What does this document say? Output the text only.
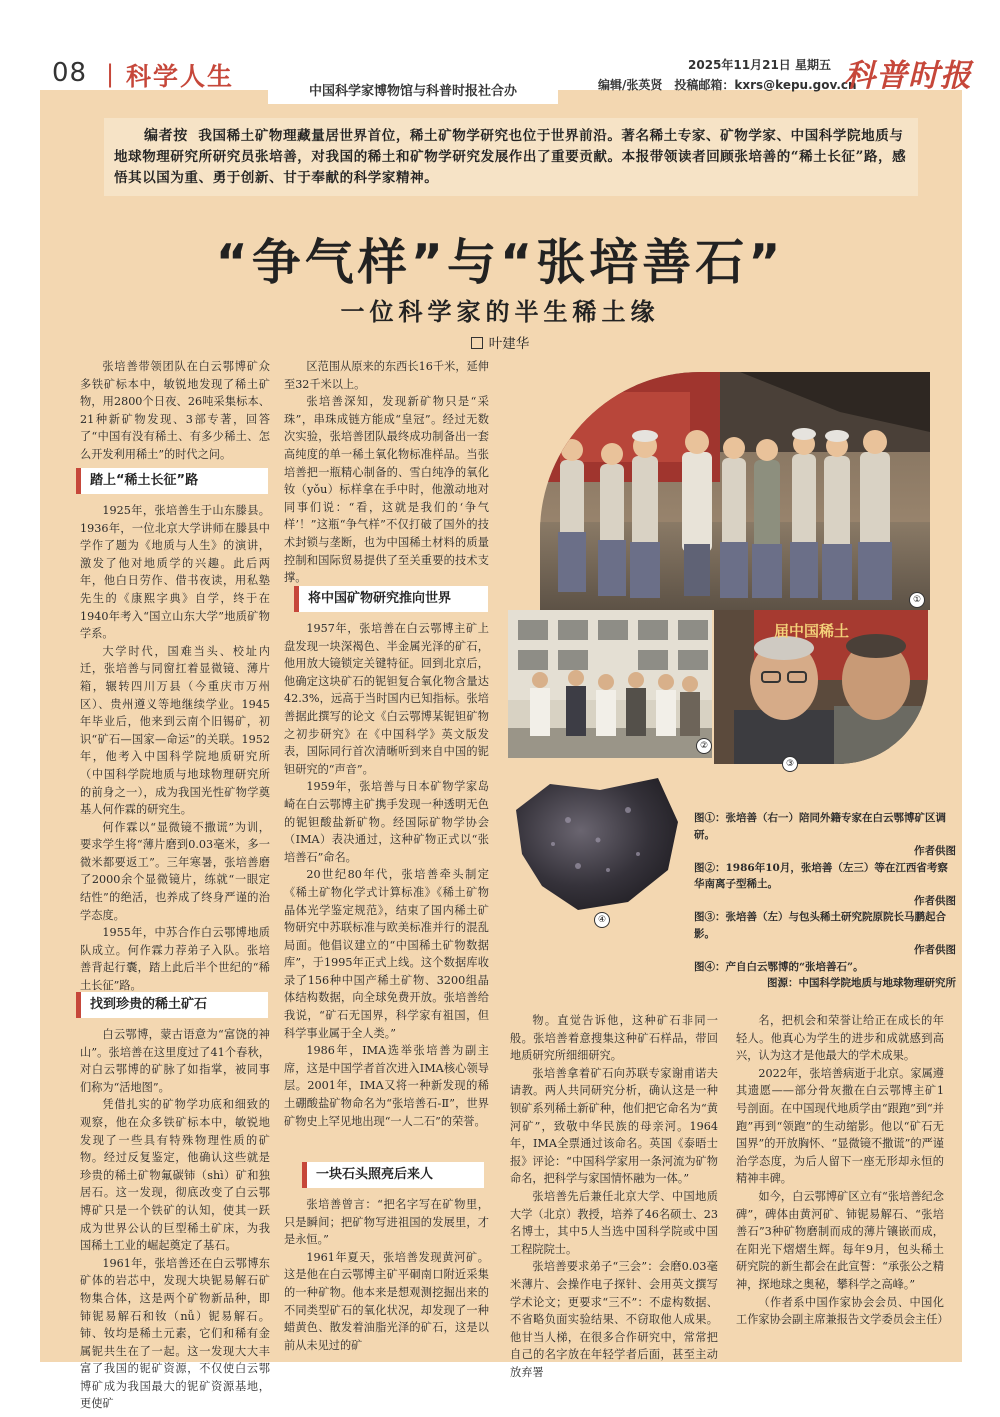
08 | 科学人生
中国科学家博物馆与科普时报社合办
2025年11月21日 星期五
编辑/张英贤　投稿邮箱：kxrs@kepu.gov.cn
科普时报
编者按 我国稀土矿物理藏量居世界首位，稀土矿物学研究也位于世界前沿。著名稀土专家、矿物学家、中国科学院地质与地球物理研究所研究员张培善，对我国的稀土和矿物学研究发展作出了重要贡献。本报带领读者回顾张培善的“稀土长征”路，感悟其以国为重、勇于创新、甘于奉献的科学家精神。
“争气样”与“张培善石”
一位科学家的半生稀土缘
叶建华

张培善带领团队在白云鄂博矿众多铁矿标本中，敏锐地发现了稀土矿物，用2800个日夜、26吨采集标本、21种新矿物发现、3部专著，回答了“中国有没有稀土、有多少稀土、怎么开发利用稀土”的时代之问。

踏上“稀土长征”路

1925年，张培善生于山东滕县。1936年，一位北京大学讲师在滕县中学作了题为《地质与人生》的演讲，激发了他对地质学的兴趣。此后两年，他白日劳作、借书夜读，用私塾先生的《康熙字典》自学，终于在1940年考入“国立山东大学”地质矿物学系。

大学时代，国难当头、校址内迁，张培善与同窗扛着显微镜、薄片箱，辗转四川万县（今重庆市万州区）、贵州遵义等地继续学业。1945年毕业后，他来到云南个旧锡矿，初识“矿石—国家—命运”的关联。1952年，他考入中国科学院地质研究所（中国科学院地质与地球物理研究所的前身之一），成为我国光性矿物学奠基人何作霖的研究生。

何作霖以“显微镜不撒谎”为训，要求学生将“薄片磨到0.03毫米，多一微米都要返工”。三年寒暑，张培善磨了2000余个显微镜片，练就“一眼定结性”的绝活，也养成了终身严谨的治学态度。

1955年，中苏合作白云鄂博地质队成立。何作霖力荐弟子入队。张培善背起行囊，踏上此后半个世纪的“稀土长征”路。

找到珍贵的稀土矿石

白云鄂博，蒙古语意为“富饶的神山”。张培善在这里度过了41个春秋，对白云鄂博的矿脉了如指掌，被同事们称为“活地图”。

凭借扎实的矿物学功底和细致的观察，他在众多铁矿标本中，敏锐地发现了一些具有特殊物理性质的矿物。经过反复鉴定，他确认这些就是珍贵的稀土矿物氟碳铈（shì）矿和独居石。这一发现，彻底改变了白云鄂博矿只是一个铁矿的认知，使其一跃成为世界公认的巨型稀土矿床，为我国稀土工业的崛起奠定了基石。

1961年，张培善还在白云鄂博东矿体的岩芯中，发现大块铌易解石矿物集合体，这是两个矿物新品种，即铈铌易解石和钕（nǚ）铌易解石。铈、钕均是稀土元素，它们和稀有金属铌共生在了一起。这一发现大大丰富了我国的铌矿资源，不仅使白云鄂博矿成为我国最大的铌矿资源基地，更使矿

区范围从原来的东西长16千米，延伸至32千米以上。

张培善深知，发现新矿物只是“采珠”，串珠成链方能成“皇冠”。经过无数次实验，张培善团队最终成功制备出一套高纯度的单一稀土氧化物标准样品。当张培善把一瓶精心制备的、雪白纯净的氧化钕（yǒu）标样拿在手中时，他激动地对同事们说：“看，这就是我们的‘争气样’！”这瓶“争气样”不仅打破了国外的技术封锁与垄断，也为中国稀土材料的质量控制和国际贸易提供了至关重要的技术支撑。

将中国矿物研究推向世界

1957年，张培善在白云鄂博主矿上盘发现一块深褐色、半金属光泽的矿石，他用放大镜锁定关键特征。回到北京后，他确定这块矿石的铌钽复合氧化物含量达42.3%，远高于当时国内已知指标。张培善据此撰写的论文《白云鄂博某铌钽矿物之初步研究》在《中国科学》英文版发表，国际同行首次清晰听到来自中国的铌钽研究的“声音”。

1959年，张培善与日本矿物学家岛崎在白云鄂博主矿携手发现一种透明无色的铌钽酸盐新矿物。经国际矿物学协会（IMA）表决通过，这种矿物正式以“张培善石”命名。

20世纪80年代，张培善牵头制定《稀土矿物化学式计算标准》《稀土矿物晶体光学鉴定规范》，结束了国内稀土矿物研究中苏联标准与欧美标准并行的混乱局面。他倡议建立的“中国稀土矿物数据库”，于1995年正式上线。这个数据库收录了156种中国产稀土矿物、3200组晶体结构数据，向全球免费开放。张培善给我说，“矿石无国界，科学家有祖国，但科学事业属于全人类。”

1986年，IMA选举张培善为副主席，这是中国学者首次进入IMA核心领导层。2001年，IMA又将一种新发现的稀土硼酸盐矿物命名为“张培善石-Ⅱ”，世界矿物史上罕见地出现“一人二石”的荣誉。

一块石头照亮后来人

张培善曾言：“把名字写在矿物里，只是瞬间；把矿物写进祖国的发展里，才是永恒。”

1961年夏天，张培善发现黄河矿。这是他在白云鄂博主矿平硐南口附近采集的一种矿物。他本来是想观测挖掘出来的不同类型矿石的氧化状况，却发现了一种蜡黄色、散发着油脂光泽的矿石，这是以前从未见过的矿

物。直觉告诉他，这种矿石非同一般。张培善着意搜集这种矿石样品，带回地质研究所细细研究。

张培善拿着矿石向苏联专家谢甫诺夫请教。两人共同研究分析，确认这是一种钡矿系列稀土新矿种，他们把它命名为“黄河矿”，致敬中华民族的母亲河。1964年，IMA全票通过该命名。英国《泰晤士报》评论：“中国科学家用一条河流为矿物命名，把科学与家国情怀融为一体。”

张培善先后兼任北京大学、中国地质大学（北京）教授，培养了46名硕士、23名博士，其中5人当选中国科学院或中国工程院院士。

张培善要求弟子“三会”：会磨0.03毫米薄片、会操作电子探针、会用英文撰写学术论文；更要求“三不”：不虚构数据、不省略负面实验结果、不窃取他人成果。他甘当人梯，在很多合作研究中，常常把自己的名字放在年轻学者后面，甚至主动放弃署

名，把机会和荣誉让给正在成长的年轻人。他真心为学生的进步和成就感到高兴，认为这才是他最大的学术成果。

2022年，张培善病逝于北京。家属遵其遗愿——部分骨灰撒在白云鄂博主矿1号剖面。在中国现代地质学由“跟跑”到“并跑”再到“领跑”的生动缩影。他以“矿石无国界”的开放胸怀、“显微镜不撒谎”的严谨治学态度，为后人留下一座无形却永恒的精神丰碑。

如今，白云鄂博矿区立有“张培善纪念碑”，碑体由黄河矿、铈铌易解石、“张培善石”3种矿物磨制而成的薄片镶嵌而成，在阳光下熠熠生辉。每年9月，包头稀土研究院的新生都会在此宣誓：“承张公之精神，探地球之奥秘，攀科学之高峰。”

（作者系中国作家协会会员、中国化工作家协会副主席兼报告文学委员会主任）

①
②
届中国稀土
③
④
图①：张培善（右一）陪同外籍专家在白云鄂博矿区调研。
作者供图
图②：1986年10月，张培善（左三）等在江西省考察华南离子型稀土。
作者供图
图③：张培善（左）与包头稀土研究院原院长马鹏起合影。
作者供图
图④：产自白云鄂博的“张培善石”。
图源：中国科学院地质与地球物理研究所
